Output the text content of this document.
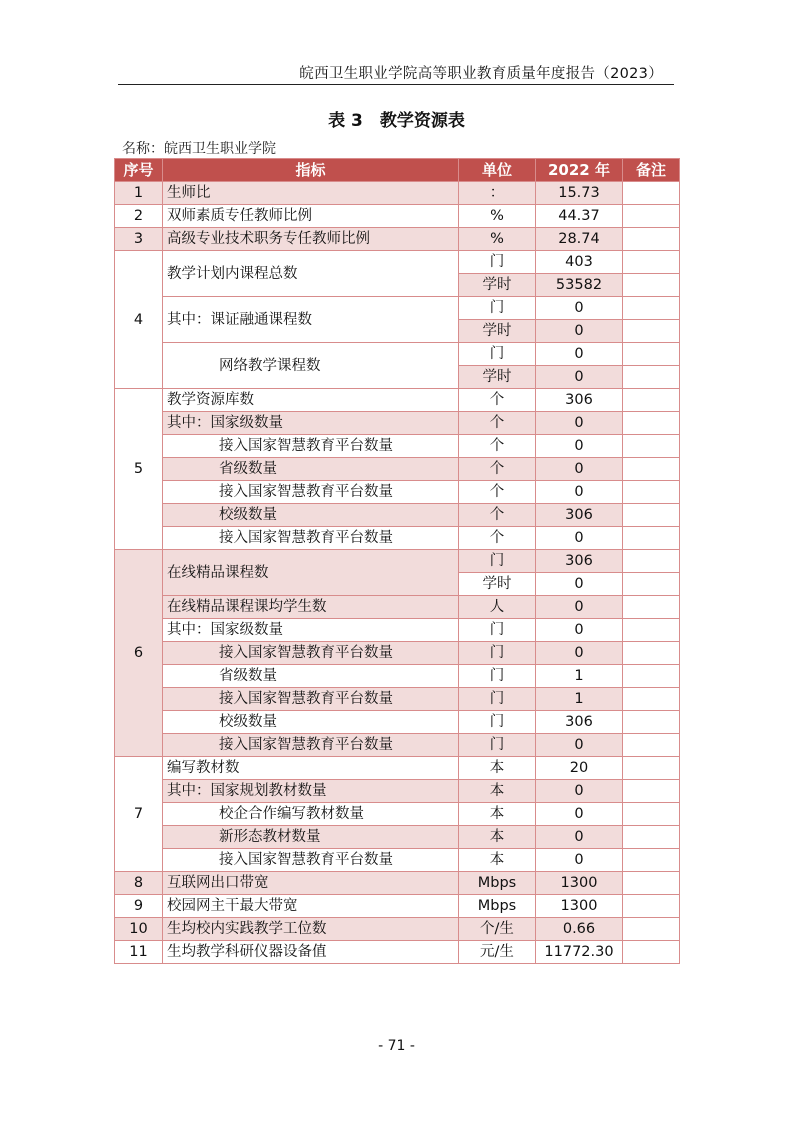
皖西卫生职业学院高等职业教育质量年度报告（2023）
表 3　教学资源表
名称：皖西卫生职业学院
序号	指标	单位	2022 年	备注
1	生师比	：	15.73	
2	双师素质专任教师比例	%	44.37	
3	高级专业技术职务专任教师比例	%	28.74	
4	教学计划内课程总数	门	403	
		学时	53582	
	其中：课证融通课程数	门	0	
		学时	0	
	网络教学课程数	门	0	
		学时	0	
5	教学资源库数	个	306	
	其中：国家级数量	个	0	
	接入国家智慧教育平台数量	个	0	
	省级数量	个	0	
	接入国家智慧教育平台数量	个	0	
	校级数量	个	306	
	接入国家智慧教育平台数量	个	0	
6	在线精品课程数	门	306	
		学时	0	
	在线精品课程课均学生数	人	0	
	其中：国家级数量	门	0	
	接入国家智慧教育平台数量	门	0	
	省级数量	门	1	
	接入国家智慧教育平台数量	门	1	
	校级数量	门	306	
	接入国家智慧教育平台数量	门	0	
7	编写教材数	本	20	
	其中：国家规划教材数量	本	0	
	校企合作编写教材数量	本	0	
	新形态教材数量	本	0	
	接入国家智慧教育平台数量	本	0	
8	互联网出口带宽	Mbps	1300	
9	校园网主干最大带宽	Mbps	1300	
10	生均校内实践教学工位数	个/生	0.66	
11	生均教学科研仪器设备值	元/生	11772.30	
- 71 -
